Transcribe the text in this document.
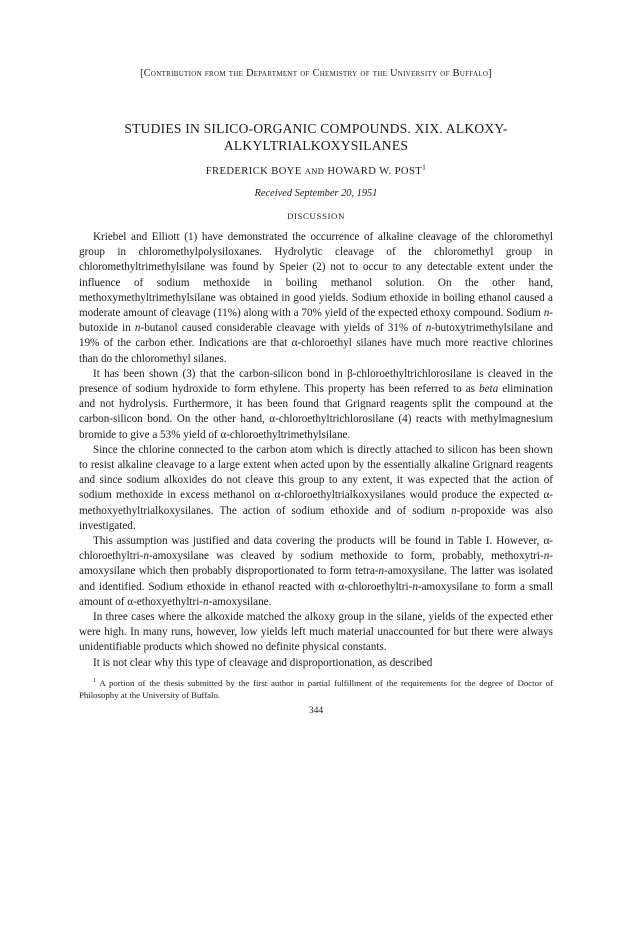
[Contribution from the Department of Chemistry of the University of Buffalo]
STUDIES IN SILICO-ORGANIC COMPOUNDS. XIX. ALKOXY-
ALKYLTRIALKOXYSILANES
FREDERICK BOYE AND HOWARD W. POST$^1$
Received September 20, 1951
DISCUSSION

Kriebel and Elliott (1) have demonstrated the occurrence of alkaline cleavage of the chloromethyl group in chloromethylpolysiloxanes. Hydrolytic cleavage of the chloromethyl group in chloromethyltrimethylsilane was found by Speier (2) not to occur to any detectable extent under the influence of sodium methoxide in boiling methanol solution. On the other hand, methoxymethyltrimethylsilane was obtained in good yields. Sodium ethoxide in boiling ethanol caused a moderate amount of cleavage (11%) along with a 70% yield of the expected ethoxy compound. Sodium n-butoxide in n-butanol caused considerable cleavage with yields of 31% of n-butoxytrimethylsilane and 19% of the carbon ether. Indications are that α-chloroethyl silanes have much more reactive chlorines than do the chloromethyl silanes.

It has been shown (3) that the carbon-silicon bond in β-chloroethyltrichlorosilane is cleaved in the presence of sodium hydroxide to form ethylene. This property has been referred to as beta elimination and not hydrolysis. Furthermore, it has been found that Grignard reagents split the compound at the carbon-silicon bond. On the other hand, α-chloroethyltrichlorosilane (4) reacts with methylmagnesium bromide to give a 53% yield of α-chloroethyltrimethylsilane.

Since the chlorine connected to the carbon atom which is directly attached to silicon has been shown to resist alkaline cleavage to a large extent when acted upon by the essentially alkaline Grignard reagents and since sodium alkoxides do not cleave this group to any extent, it was expected that the action of sodium methoxide in excess methanol on α-chloroethyltrialkoxysilanes would produce the expected α-methoxyethyltrialkoxysilanes. The action of sodium ethoxide and of sodium n-propoxide was also investigated.

This assumption was justified and data covering the products will be found in Table I. However, α-chloroethyltri-n-amoxysilane was cleaved by sodium methoxide to form, probably, methoxytri-n-amoxysilane which then probably disproportionated to form tetra-n-amoxysilane. The latter was isolated and identified. Sodium ethoxide in ethanol reacted with α-chloroethyltri-n-amoxysilane to form a small amount of α-ethoxyethyltri-n-amoxysilane.

In three cases where the alkoxide matched the alkoxy group in the silane, yields of the expected ether were high. In many runs, however, low yields left much material unaccounted for but there were always unidentifiable products which showed no definite physical constants.

It is not clear why this type of cleavage and disproportionation, as described

$^1$ A portion of the thesis submitted by the first author in partial fulfillment of the requirements for the degree of Doctor of Philosophy at the University of Buffalo.

344
